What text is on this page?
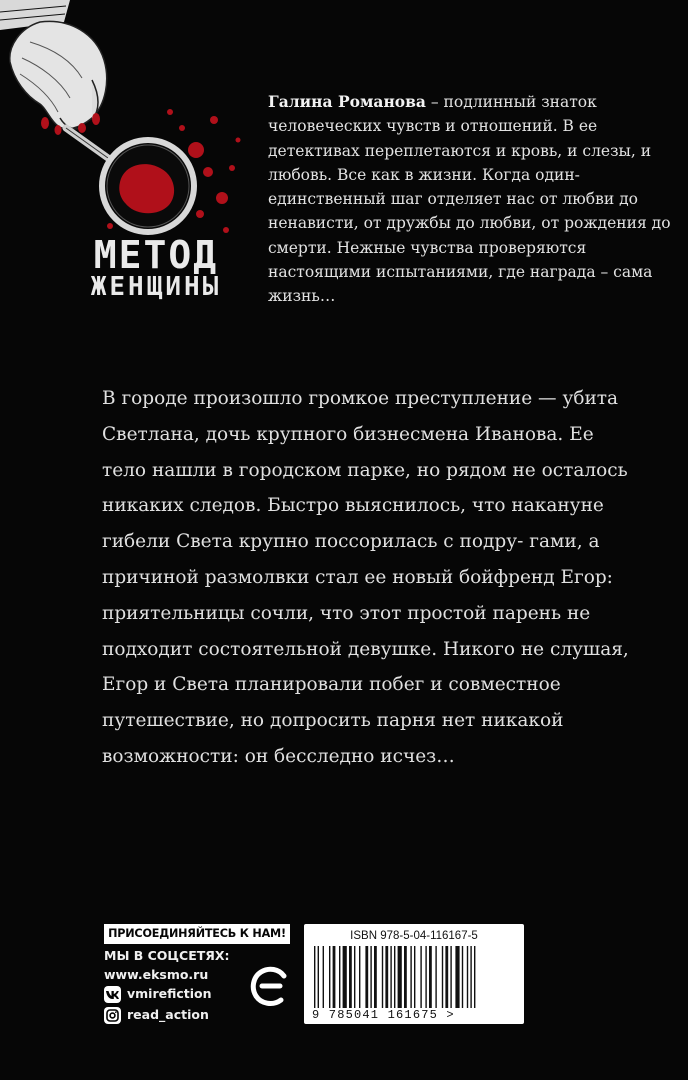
МЕТОД
ЖЕНЩИНЫ

Галина Романова – подлинный знаток человеческих чувств и отношений. В ее детективах переплетаются и кровь, и слезы, и любовь. Все как в жизни. Когда один-единственный шаг отделяет нас от любви до ненависти, от дружбы до любви, от рождения до смерти. Нежные чувства проверяются настоящими испытаниями, где награда – сама жизнь…

В городе произошло громкое преступление — убита Светлана, дочь крупного бизнесмена Иванова. Ее тело нашли в городском парке, но рядом не осталось никаких следов. Быстро выяснилось, что накануне гибели Света крупно поссорилась с подру- гами, а причиной размолвки стал ее новый бойфренд Егор: приятельницы сочли, что этот простой парень не подходит состоятельной девушке. Никого не слушая, Егор и Света планировали побег и совместное путешествие, но допросить парня нет никакой возможности: он бесследно исчез…

ПРИСОЕДИНЯЙТЕСЬ К НАМ!
МЫ В СОЦСЕТЯХ:
www.eksmo.ru
vmirefiction
read_action
ISBN 978-5-04-116167-5
9 785041 161675 >
